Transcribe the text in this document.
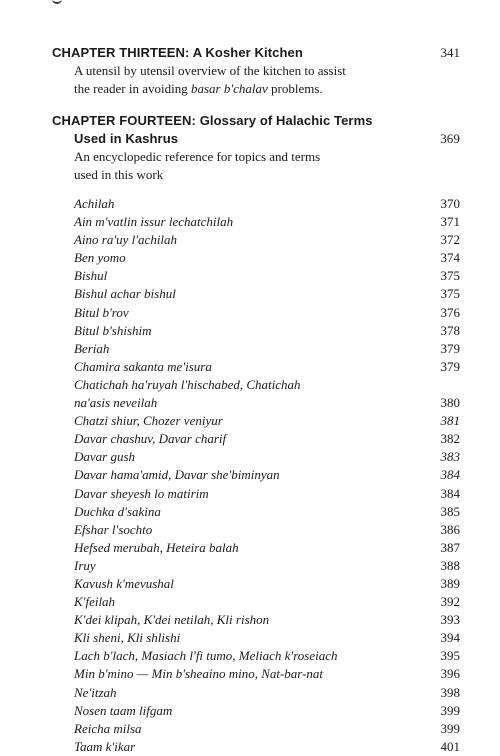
CHAPTER THIRTEEN: A Kosher Kitchen	341
A utensil by utensil overview of the kitchen to assist
the reader in avoiding basar b'chalav problems.
CHAPTER FOURTEEN: Glossary of Halachic Terms
Used in Kashrus	369
An encyclopedic reference for topics and terms
used in this work
Achilah	370
Ain m'vatlin issur lechatchilah	371
Aino ra'uy l'achilah	372
Ben yomo	374
Bishul	375
Bishul achar bishul	375
Bitul b'rov	376
Bitul b'shishim	378
Beriah	379
Chamira sakanta me'isura	379
Chatichah ha'ruyah l'hischabed, Chatichah
na'asis neveilah	380
Chatzi shiur, Chozer veniyur	381
Davar chashuv, Davar charif	382
Davar gush	383
Davar hama'amid, Davar she'biminyan	384
Davar sheyesh lo matirim	384
Duchka d'sakina	385
Efshar l'sochto	386
Hefsed merubah, Heteira balah	387
Iruy	388
Kavush k'mevushal	389
K'feilah	392
K'dei klipah, K'dei netilah, Kli rishon	393
Kli sheni, Kli shlishi	394
Lach b'lach, Masiach l'fi tumo, Meliach k'roseiach	395
Min b'mino — Min b'sheaino mino, Nat-bar-nat	396
Ne'itzah	398
Nosen taam lifgam	399
Reicha milsa	399
Taam k'ikar	401
